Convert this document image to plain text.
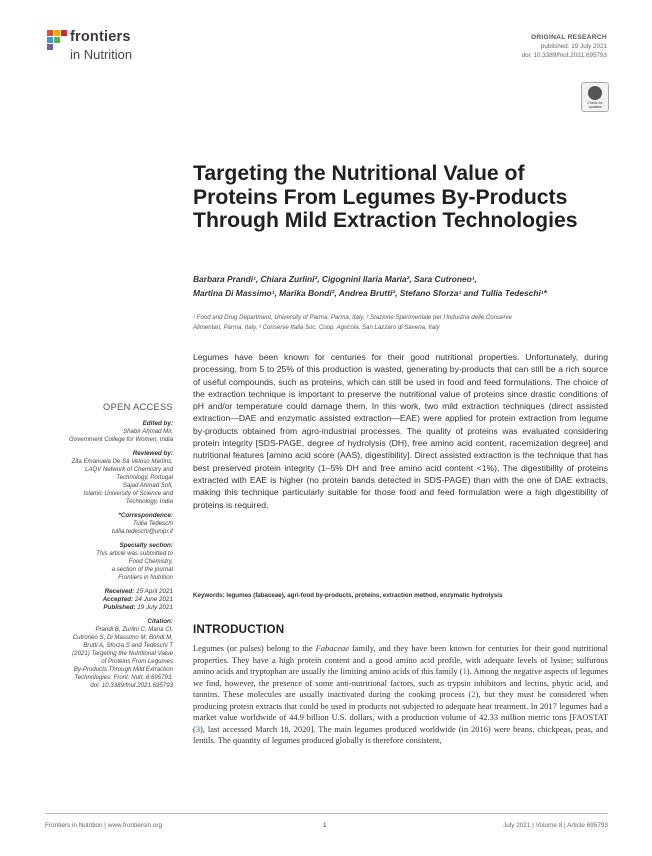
frontiers
in Nutrition
ORIGINAL RESEARCH
published: 19 July 2021
doi: 10.3389/fnut.2021.695793
Check for updates
Targeting the Nutritional Value of Proteins From Legumes By-Products Through Mild Extraction Technologies
Barbara Prandi¹, Chiara Zurlini², Cigognini Ilaria Maria², Sara Cutroneo¹,
Martina Di Massimo¹, Marika Bondi², Andrea Brutti², Stefano Sforza¹ and Tullia Tedeschi¹*
¹ Food and Drug Department, University of Parma, Parma, Italy, ² Stazione Sperimentale per l’Industria delle Conserve
Alimentari, Parma, Italy, ³ Conserve Italia Soc. Coop. Agricola, San Lazzaro di Savena, Italy
Legumes have been known for centuries for their good nutritional properties. Unfortunately, during processing, from 5 to 25% of this production is wasted, generating by-products that can still be a rich source of useful compounds, such as proteins, which can still be used in food and feed formulations. The choice of the extraction technique is important to preserve the nutritional value of proteins since drastic conditions of pH and/or temperature could damage them. In this work, two mild extraction techniques (direct assisted extraction—DAE and enzymatic assisted extraction—EAE) were applied for protein extraction from legume by-products obtained from agro-industrial processes. The quality of proteins was evaluated considering protein integrity [SDS-PAGE, degree of hydrolysis (DH), free amino acid content, racemization degree] and nutritional features [amino acid score (AAS), digestibility]. Direct assisted extraction is the technique that has best preserved protein integrity (1–5% DH and free amino acid content <1%), The digestibility of proteins extracted with EAE is higher (no protein bands detected in SDS-PAGE) than with the one of DAE extracts, making this technique particularly suitable for those food and feed formulation were a high digestibility of proteins is required.
Keywords: legumes (fabaceae), agri-food by-products, proteins, extraction method, enzymatic hydrolysis
OPEN ACCESS
Edited by:
Shabir Ahmad Mir,
Government College for Women, India
Reviewed by:
Zita Emanuela De Sá Veloso Martins,
LAQV Network of Chemistry and
Technology, Portugal
Sajad Ahmad Sofi,
Islamic University of Science and
Technology, India
*Correspondence:
Tullia Tedeschi
tullia.tedeschi@unipr.it
Specialty section:
This article was submitted to
Food Chemistry,
a section of the journal
Frontiers in Nutrition
Received: 15 April 2021
Accepted: 24 June 2021
Published: 19 July 2021
Citation:
Prandi B, Zurlini C, Maria CI,
Cutroneo S, Di Massimo M, Bondi M,
Brutti A, Sforza S and Tedeschi T
(2021) Targeting the Nutritional Value
of Proteins From Legumes
By-Products Through Mild Extraction
Technologies. Front. Nutr. 8:695793.
doi: 10.3389/fnut.2021.695793
INTRODUCTION
Legumes (or pulses) belong to the Fabaceae family, and they have been known for centuries for their good nutritional properties. They have a high protein content and a good amino acid profile, with adequate levels of lysine; sulfurous amino acids and tryptophan are usually the limiting amino acids of this family (1). Among the negative aspects of legumes we find, however, the presence of some anti-nutritional factors, such as trypsin inhibitors and lectins, phytic acid, and tannins. These molecules are usually inactivated during the cooking process (2), but they must be considered when producing protein extracts that could be used in products not subjected to adequate heat treatment. In 2017 legumes had a market value worldwide of 44.9 billion U.S. dollars, with a production volume of 42.33 million metric tons [FAOSTAT (3), last accessed March 18, 2020]. The main legumes produced worldwide (in 2016) were beans, chickpeas, peas, and lentils. The quantity of legumes produced globally is therefore consistent,
Frontiers in Nutrition | www.frontiersin.org	1	July 2021 | Volume 8 | Article 695793
